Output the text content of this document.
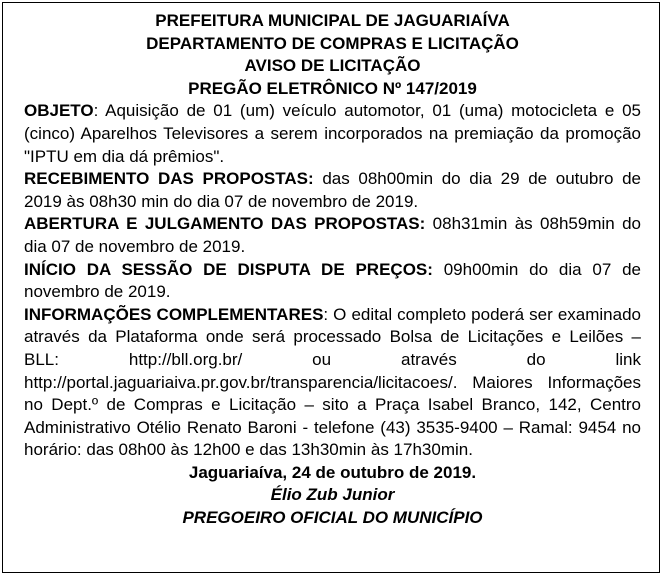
PREFEITURA MUNICIPAL DE JAGUARIAÍVA

DEPARTAMENTO DE COMPRAS E LICITAÇÃO

AVISO DE LICITAÇÃO

PREGÃO ELETRÔNICO Nº 147/2019

OBJETO: Aquisição de 01 (um) veículo automotor, 01 (uma) motocicleta e 05 (cinco) Aparelhos Televisores a serem incorporados na premiação da promoção "IPTU em dia dá prêmios".

RECEBIMENTO DAS PROPOSTAS: das 08h00min do dia 29 de outubro de 2019 às 08h30 min do dia 07 de novembro de 2019.

ABERTURA E JULGAMENTO DAS PROPOSTAS: 08h31min às 08h59min do dia 07 de novembro de 2019.

INÍCIO DA SESSÃO DE DISPUTA DE PREÇOS: 09h00min do dia 07 de novembro de 2019.

INFORMAÇÕES COMPLEMENTARES: O edital completo poderá ser examinado através da Plataforma onde será processado Bolsa de Licitações e Leilões – BLL: http://bll.org.br/ ou através do link http://portal.jaguariaiva.pr.gov.br/transparencia/licitacoes/. Maiores Informações no Dept.º de Compras e Licitação – sito a Praça Isabel Branco, 142, Centro Administrativo Otélio Renato Baroni - telefone (43) 3535-9400 – Ramal: 9454 no horário: das 08h00 às 12h00 e das 13h30min às 17h30min.

Jaguariaíva, 24 de outubro de 2019.

Élio Zub Junior

PREGOEIRO OFICIAL DO MUNICÍPIO
